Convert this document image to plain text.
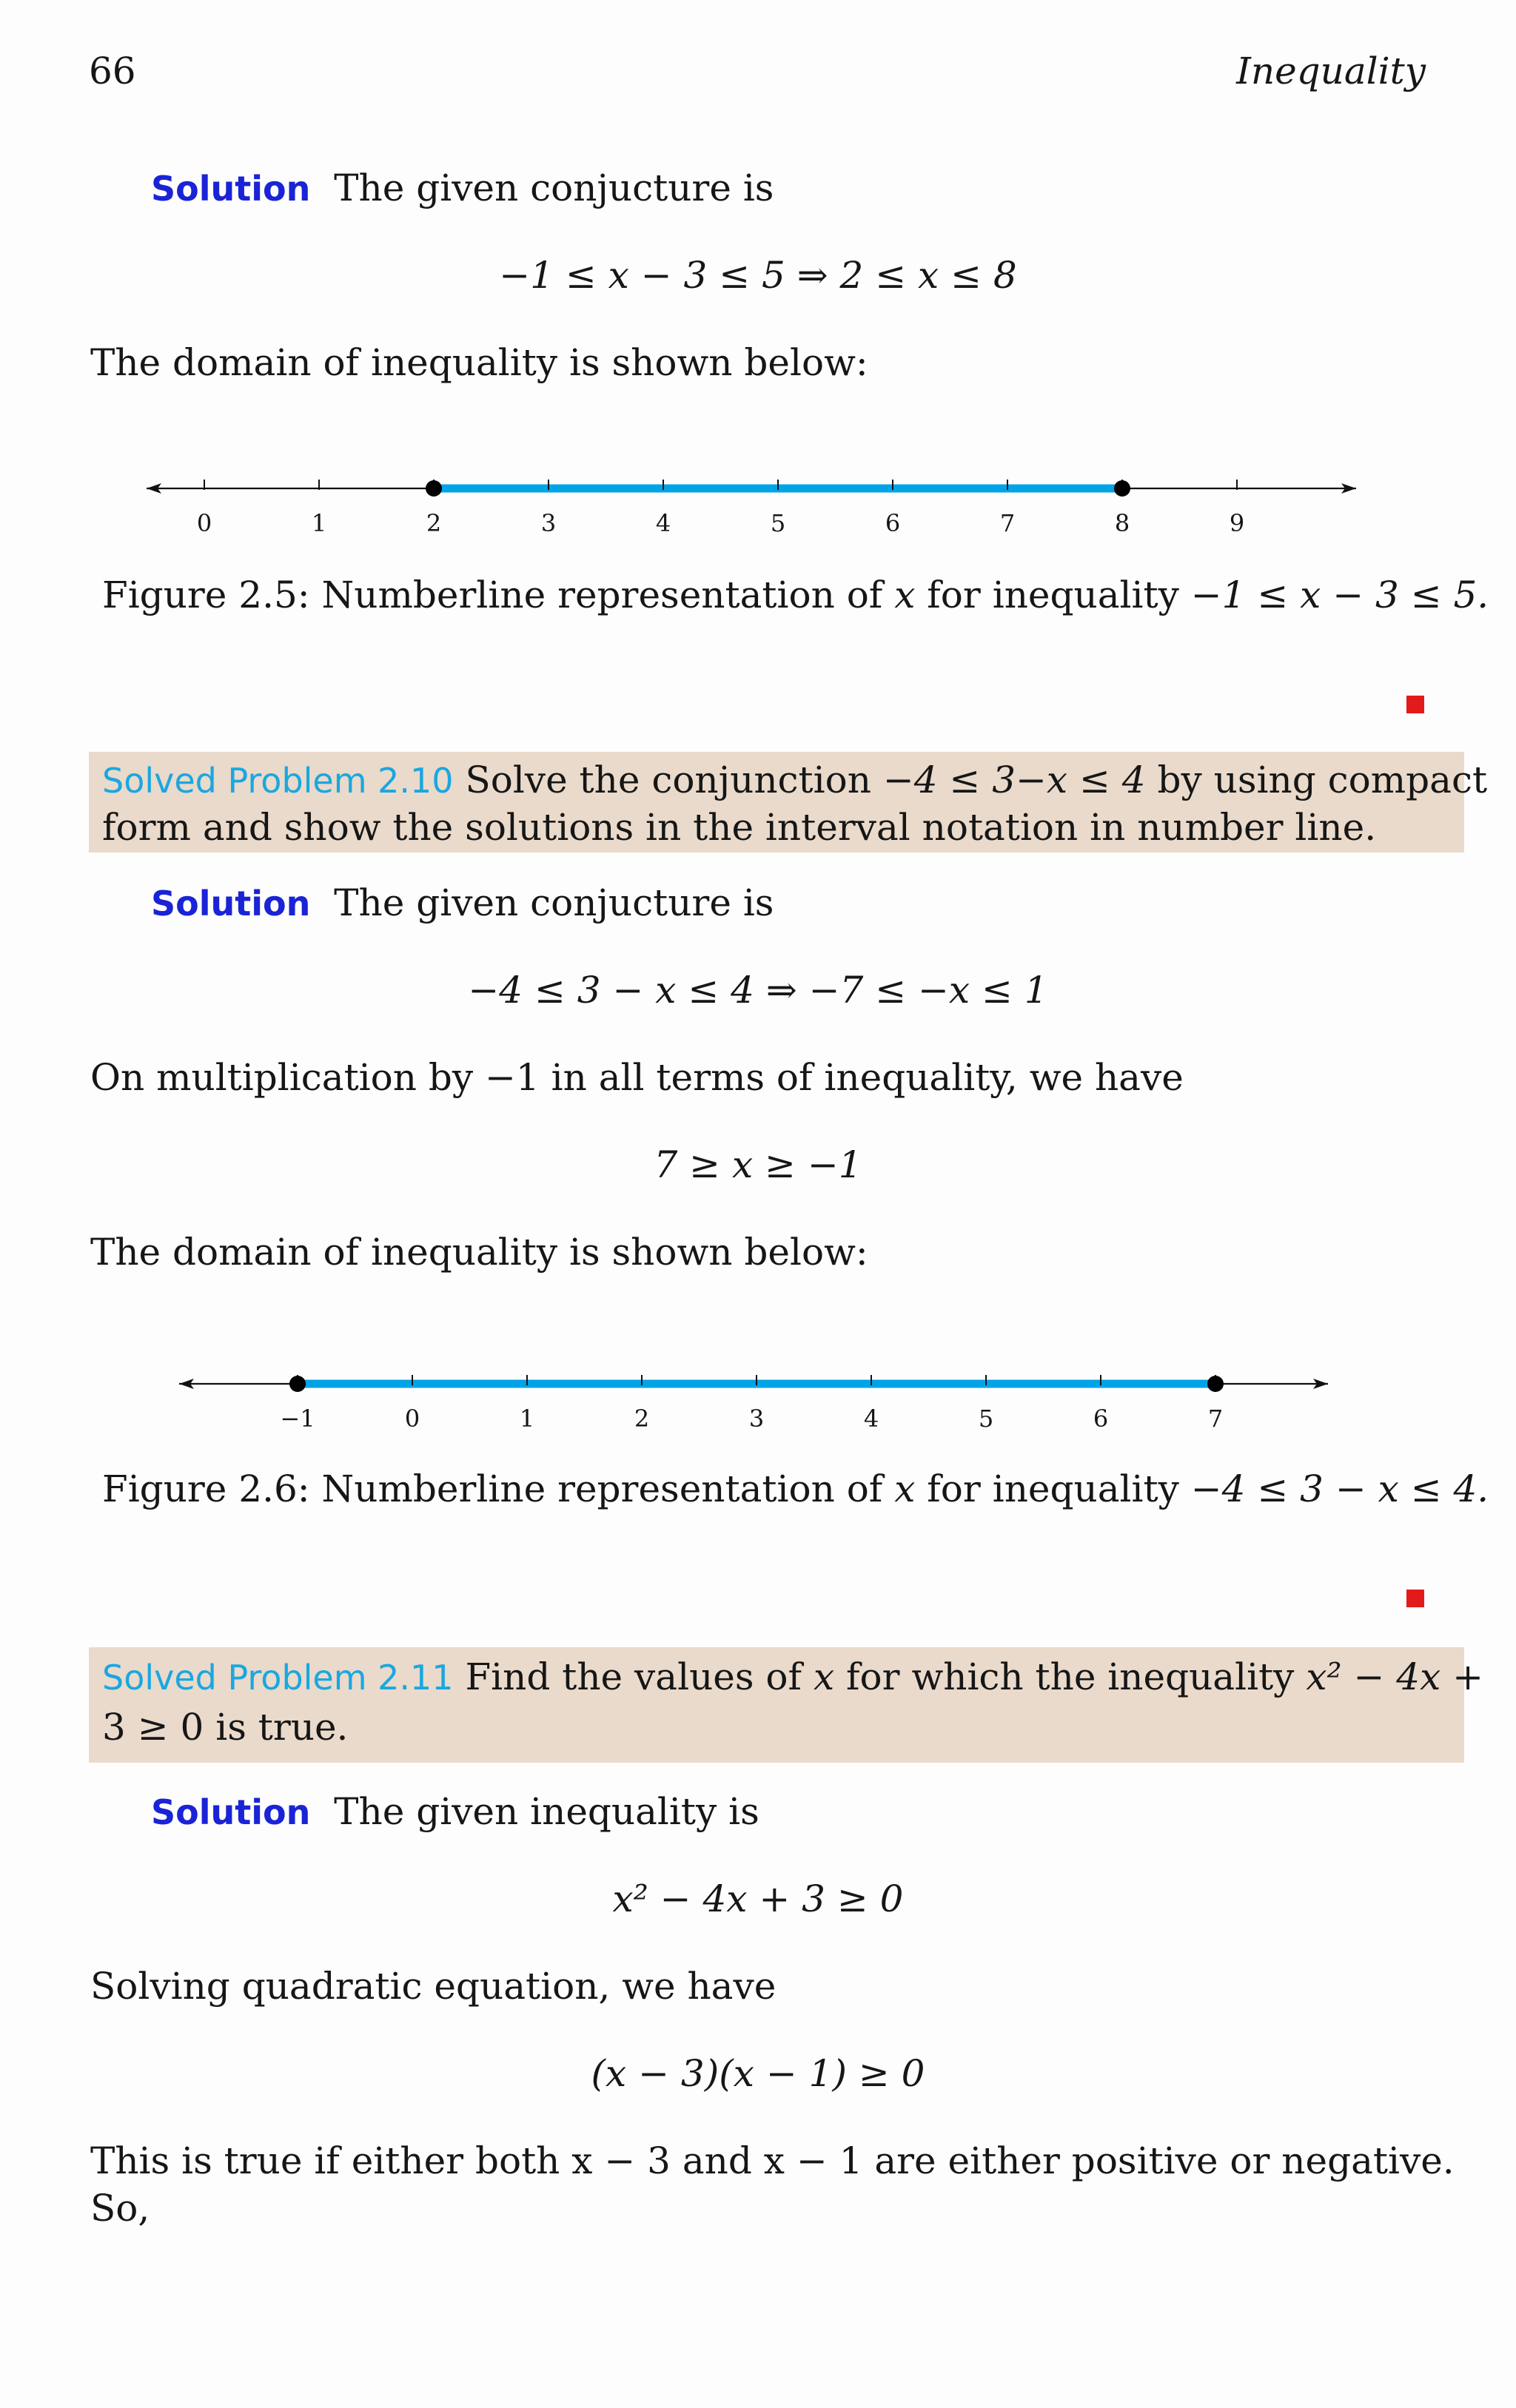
66	Inequality
Solution The given conjucture is
−1 ≤ x − 3 ≤ 5 ⇒ 2 ≤ x ≤ 8
The domain of inequality is shown below:
0	1	2	3	4	5	6	7	8	9
Figure 2.5: Numberline representation of x for inequality −1 ≤ x − 3 ≤ 5.
Solved Problem 2.10 Solve the conjunction −4 ≤ 3−x ≤ 4 by using compact
form and show the solutions in the interval notation in number line.
Solution The given conjucture is
−4 ≤ 3 − x ≤ 4 ⇒ −7 ≤ −x ≤ 1
On multiplication by −1 in all terms of inequality, we have
7 ≥ x ≥ −1
The domain of inequality is shown below:
−1	0	1	2	3	4	5	6	7
Figure 2.6: Numberline representation of x for inequality −4 ≤ 3 − x ≤ 4.
Solved Problem 2.11 Find the values of x for which the inequality x² − 4x +
3 ≥ 0 is true.
Solution The given inequality is
x² − 4x + 3 ≥ 0
Solving quadratic equation, we have
(x − 3)(x − 1) ≥ 0
This is true if either both x − 3 and x − 1 are either positive or negative.
So,
